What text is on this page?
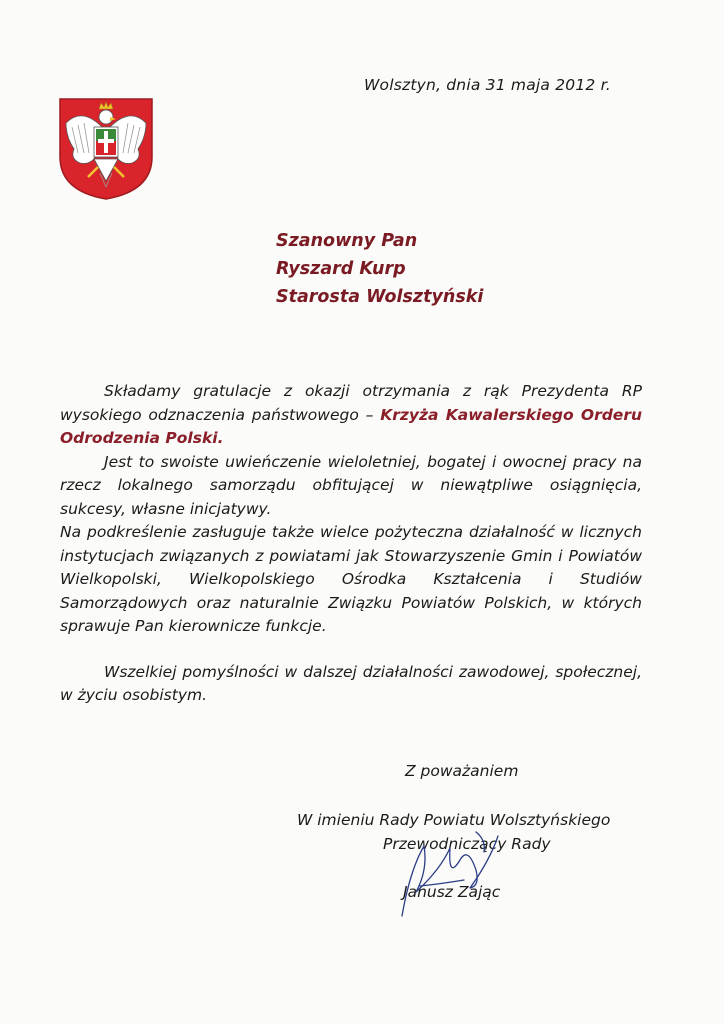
Wolsztyn, dnia 31 maja 2012 r.
Szanowny Pan
Ryszard Kurp
Starosta Wolsztyński
Składamy gratulacje z okazji otrzymania z rąk Prezydenta RP
wysokiego odznaczenia państwowego – Krzyża Kawalerskiego Orderu
Odrodzenia Polski.
Jest to swoiste uwieńczenie wieloletniej, bogatej i owocnej pracy na
rzecz lokalnego samorządu obfitującej w niewątpliwe osiągnięcia,
sukcesy, własne inicjatywy.
Na podkreślenie zasługuje także wielce pożyteczna działalność w licznych
instytucjach związanych z powiatami jak Stowarzyszenie Gmin i Powiatów
Wielkopolski, Wielkopolskiego Ośrodka Kształcenia i Studiów
Samorządowych oraz naturalnie Związku Powiatów Polskich, w których
sprawuje Pan kierownicze funkcje.
Wszelkiej pomyślności w dalszej działalności zawodowej, społecznej,
w życiu osobistym.
Z poważaniem
W imieniu Rady Powiatu Wolsztyńskiego
Przewodniczący Rady
Janusz Zając
